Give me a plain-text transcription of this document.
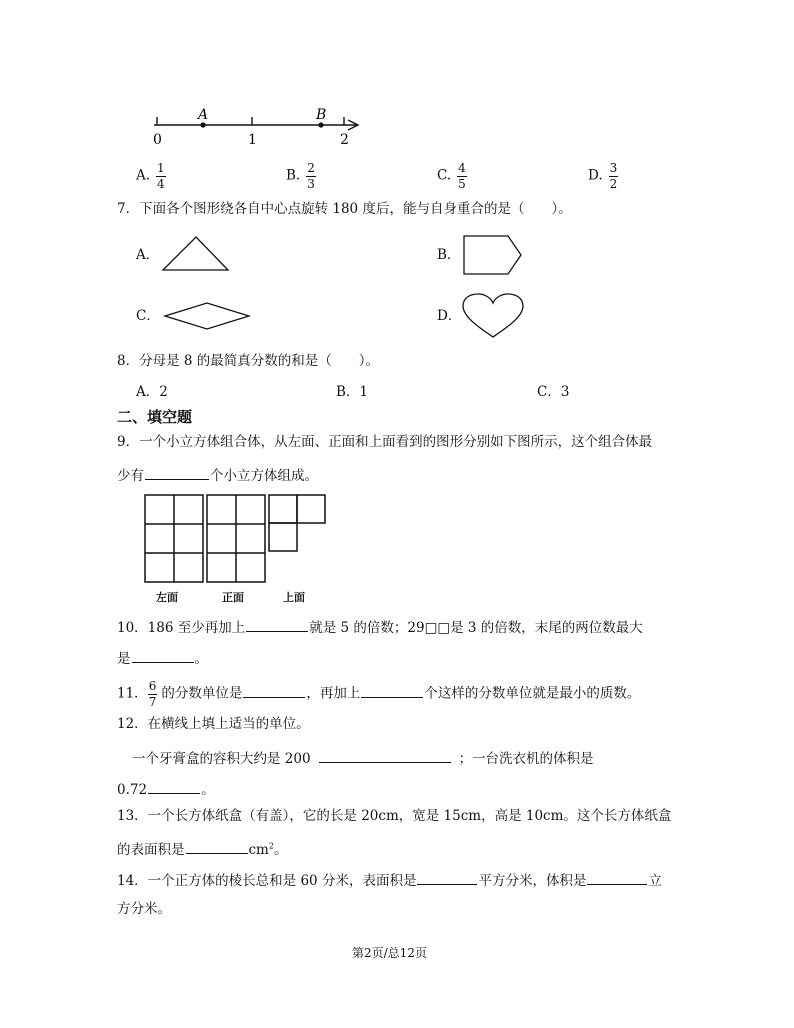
A	B
0	1	2
A. $\frac{1}{4}$	B. $\frac{2}{3}$	C. $\frac{4}{5}$	D. $\frac{3}{2}$
7．下面各个图形绕各自中心点旋转 180 度后，能与自身重合的是（　　）。
A．	B．
C．	D．
8．分母是 8 的最简真分数的和是（　　）。
A．2	B．1	C．3
二、填空题
9．一个小立方体组合体，从左面、正面和上面看到的图形分别如下图所示，这个组合体最
少有	个小立方体组成。
左面	正面	上面
10．186 至少再加上	就是 5 的倍数；29□□是 3 的倍数，末尾的两位数最大
是	。
11． $\frac{6}{7}$ 的分数单位是	，再加上	个这样的分数单位就是最小的质数。
12．在横线上填上适当的单位。
一个牙膏盒的容积大约是 200	；一台洗衣机的体积是
0.72	。
13．一个长方体纸盒（有盖），它的长是 20cm，宽是 15cm，高是 10cm。这个长方体纸盒
的表面积是	$cm^2$。
14．一个正方体的棱长总和是 60 分米，表面积是	平方分米，体积是	立
方分米。
第2页/总12页
